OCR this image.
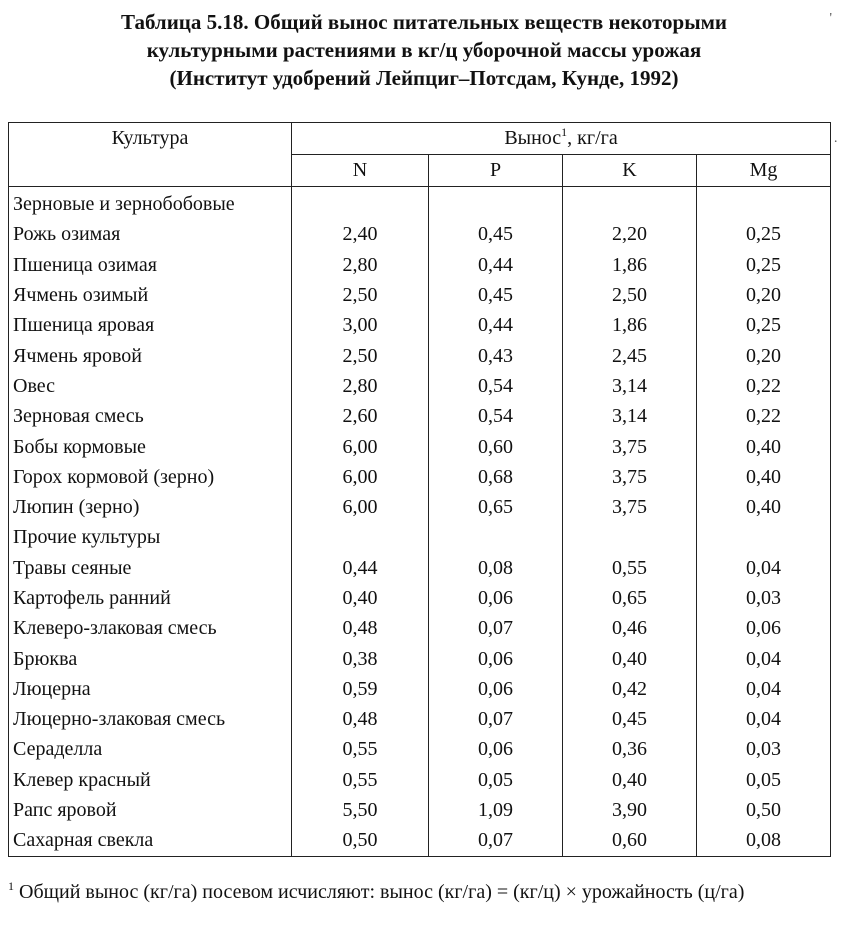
Таблица 5.18. Общий вынос питательных веществ некоторыми
культурными растениями в кг/ц уборочной массы урожая
(Институт удобрений Лейпциг–Потсдам, Кунде, 1992)
'
·
Культура	Вынос$^1$, кг/га			
	N	P	K	Mg
Зерновые и зернобобовые				
Рожь озимая	2,40	0,45	2,20	0,25
Пшеница озимая	2,80	0,44	1,86	0,25
Ячмень озимый	2,50	0,45	2,50	0,20
Пшеница яровая	3,00	0,44	1,86	0,25
Ячмень яровой	2,50	0,43	2,45	0,20
Овес	2,80	0,54	3,14	0,22
Зерновая смесь	2,60	0,54	3,14	0,22
Бобы кормовые	6,00	0,60	3,75	0,40
Горох кормовой (зерно)	6,00	0,68	3,75	0,40
Люпин (зерно)	6,00	0,65	3,75	0,40
Прочие культуры				
Травы сеяные	0,44	0,08	0,55	0,04
Картофель ранний	0,40	0,06	0,65	0,03
Клеверо-злаковая смесь	0,48	0,07	0,46	0,06
Брюква	0,38	0,06	0,40	0,04
Люцерна	0,59	0,06	0,42	0,04
Люцерно-злаковая смесь	0,48	0,07	0,45	0,04
Сераделла	0,55	0,06	0,36	0,03
Клевер красный	0,55	0,05	0,40	0,05
Рапс яровой	5,50	1,09	3,90	0,50
Сахарная свекла	0,50	0,07	0,60	0,08
$^1$ Общий вынос (кг/га) посевом исчисляют: вынос (кг/га) = (кг/ц) × урожайность (ц/га)
